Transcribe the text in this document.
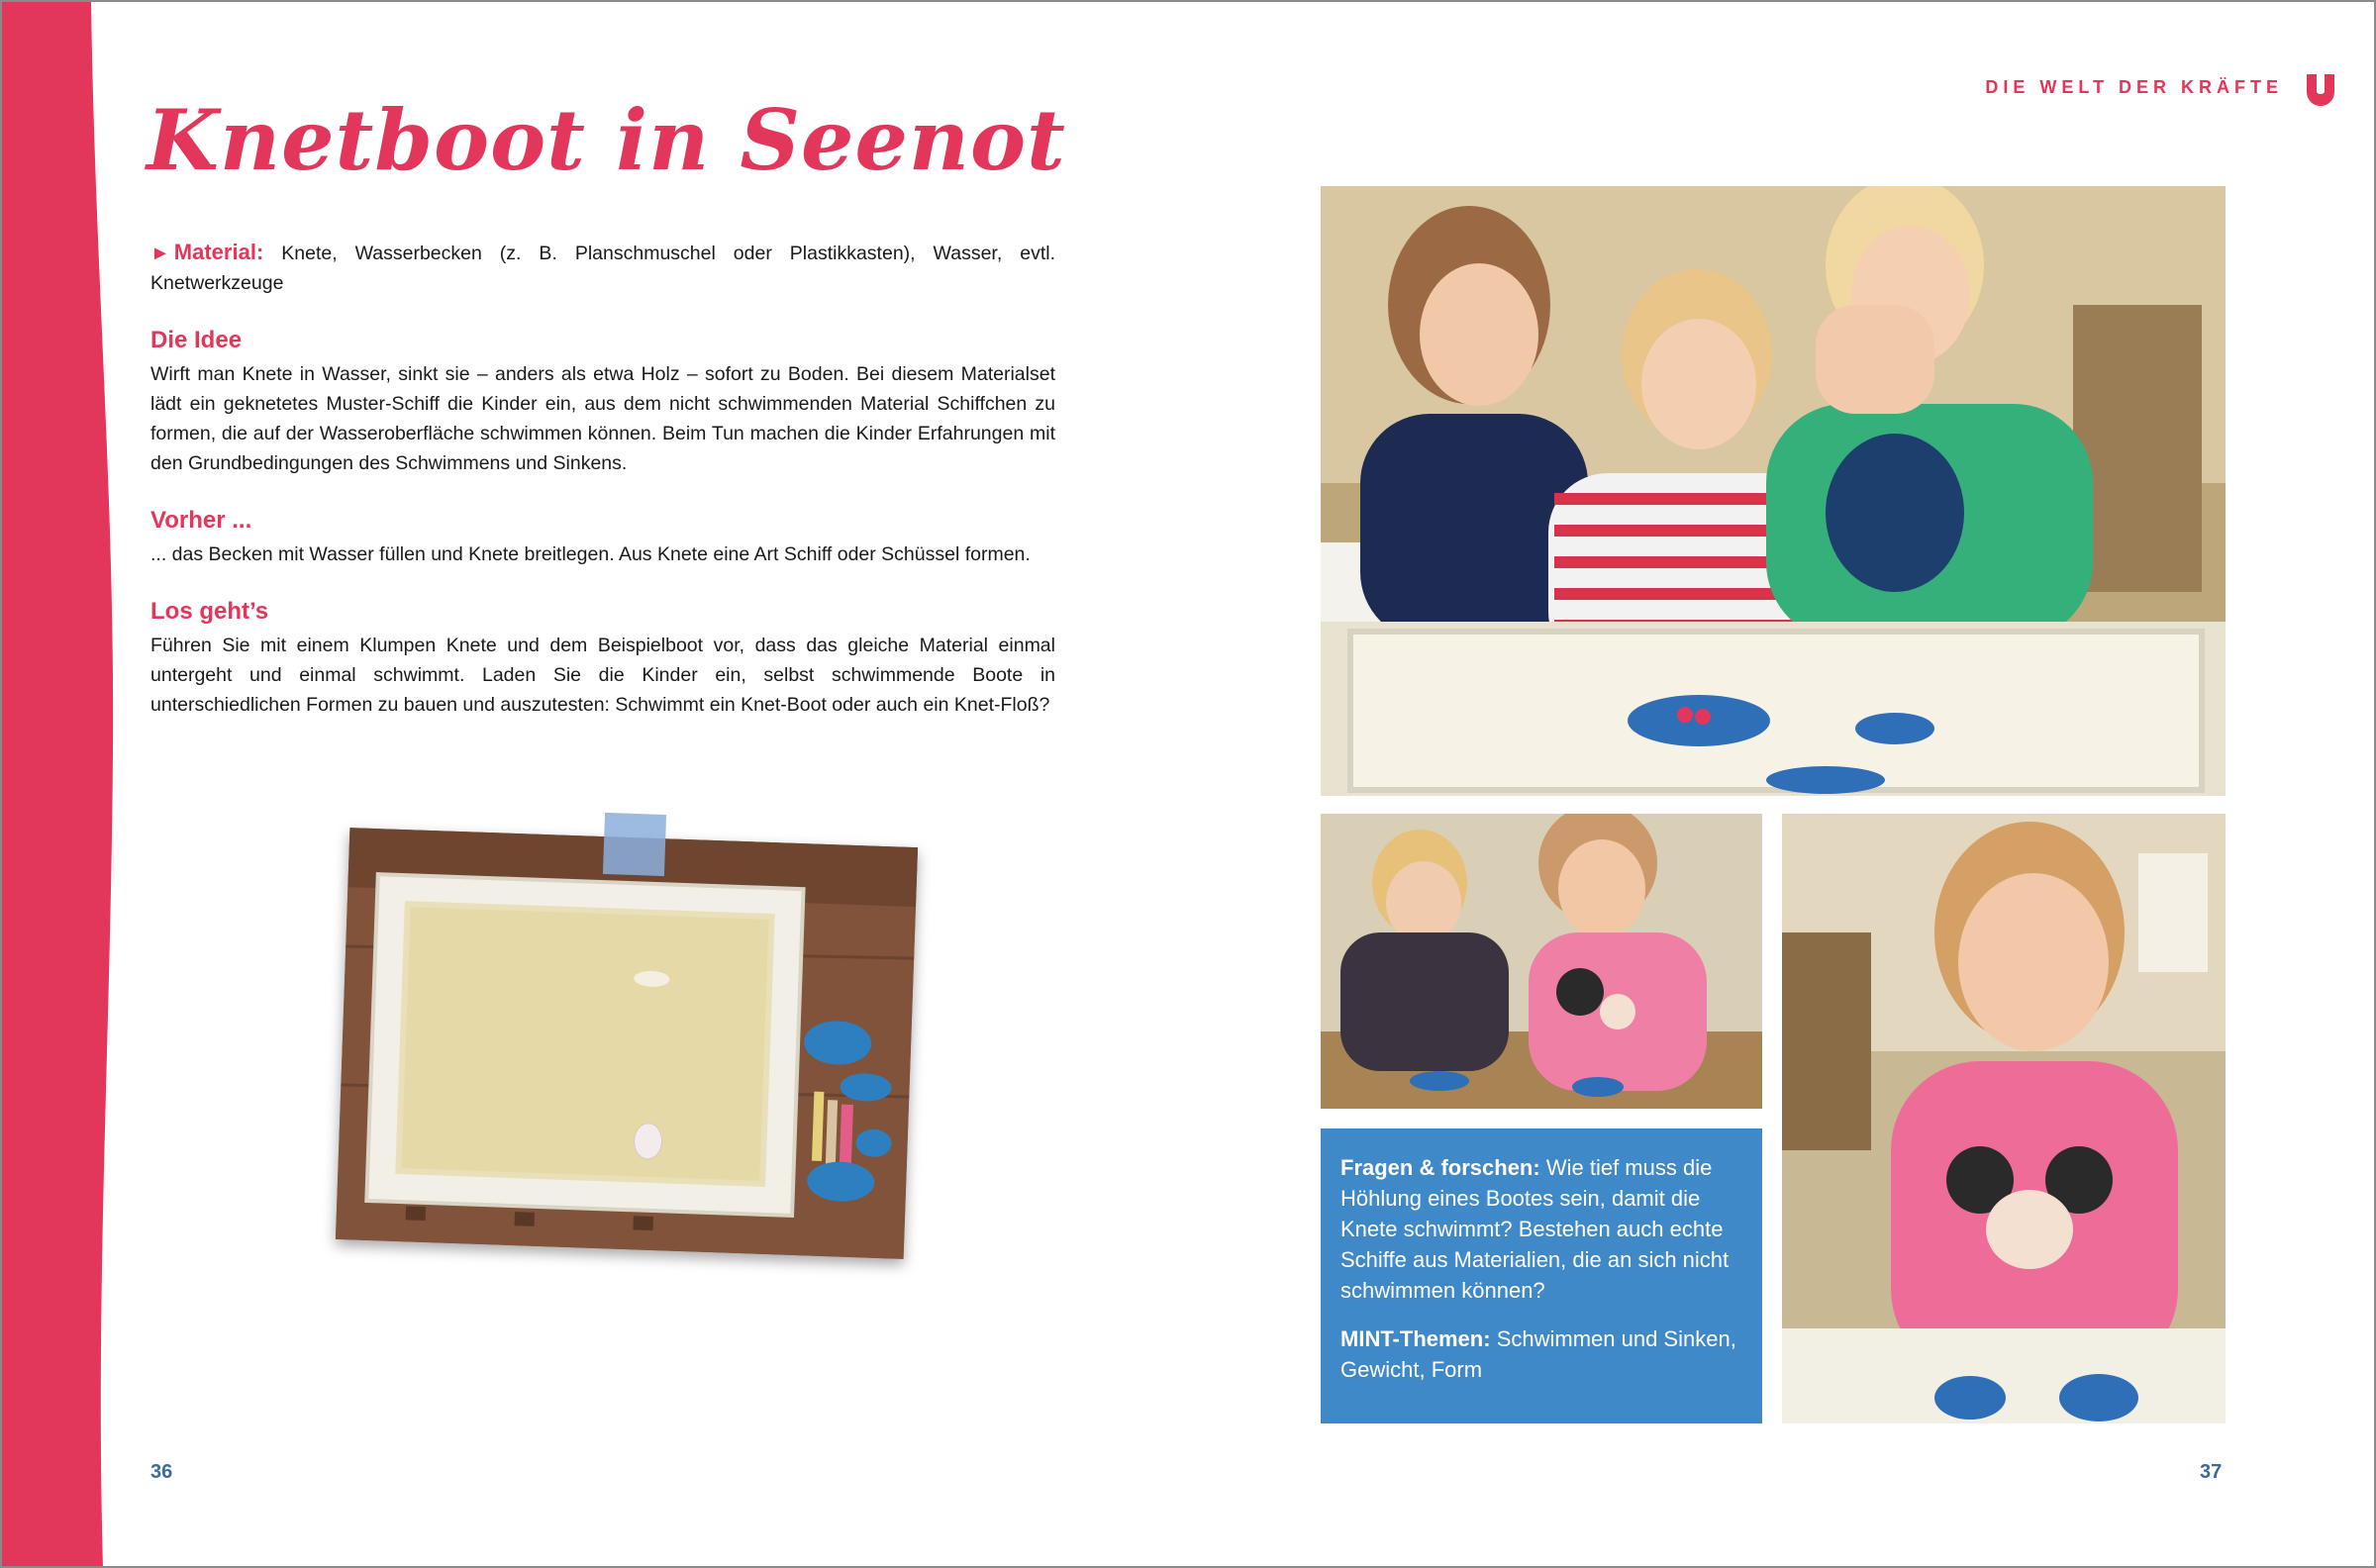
Knetboot in Seenot
DIE WELT DER KRÄFTE

► Material: Knete, Wasserbecken (z. B. Planschmuschel oder Plastikkasten), Wasser, evtl. Knetwerkzeuge

Die Idee

Wirft man Knete in Wasser, sinkt sie – anders als etwa Holz – sofort zu Boden. Bei diesem Materialset lädt ein geknetetes Muster-Schiff die Kinder ein, aus dem nicht schwimmenden Material Schiffchen zu formen, die auf der Wasseroberfläche schwimmen können. Beim Tun machen die Kinder Erfahrungen mit den Grundbedingungen des Schwimmens und Sinkens.

Vorher ...

... das Becken mit Wasser füllen und Knete breitlegen. Aus Knete eine Art Schiff oder Schüssel formen.

Los geht’s

Führen Sie mit einem Klumpen Knete und dem Beispielboot vor, dass das gleiche Material einmal untergeht und einmal schwimmt. Laden Sie die Kinder ein, selbst schwimmende Boote in unterschiedlichen Formen zu bauen und auszutesten: Schwimmt ein Knet-Boot oder auch ein Knet-Floß?

Fragen & forschen: Wie tief muss die Höhlung eines Bootes sein, damit die Knete schwimmt? Bestehen auch echte Schiffe aus Materialien, die an sich nicht schwimmen können?

MINT-Themen: Schwimmen und Sinken, Gewicht, Form

36	37
